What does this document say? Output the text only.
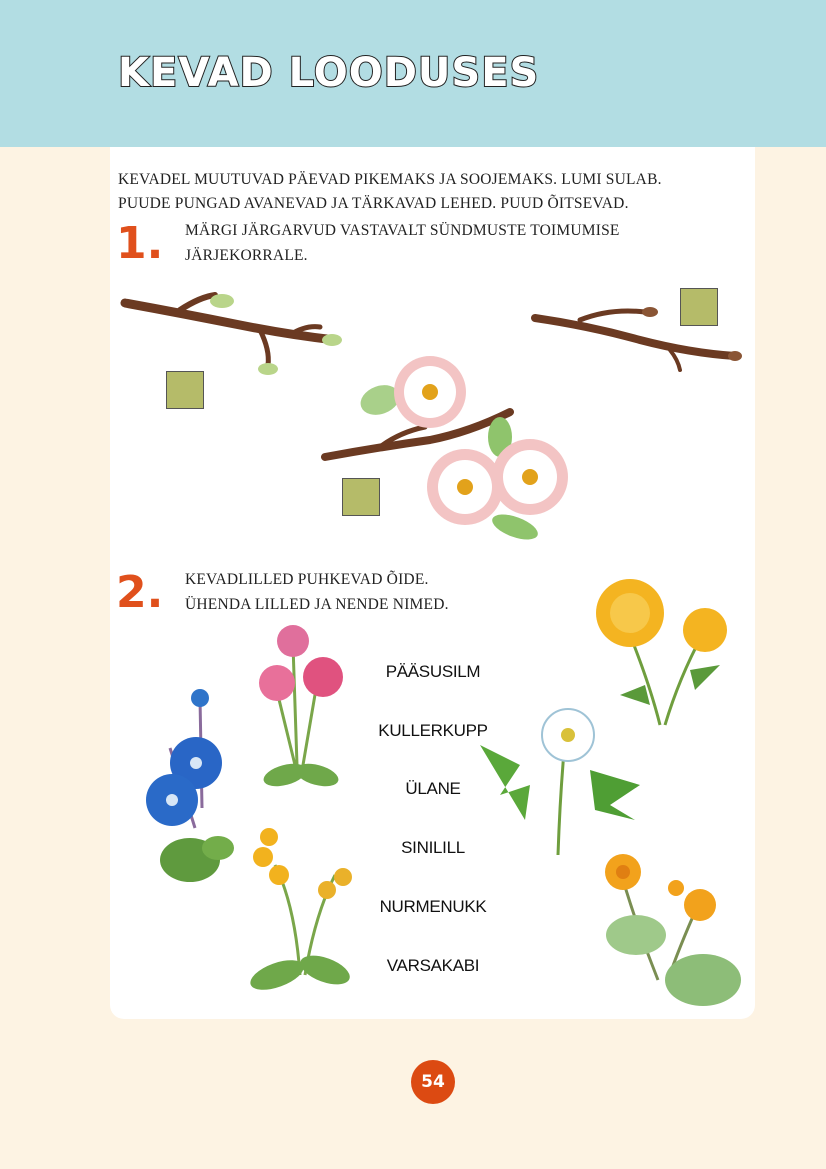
KEVAD LOODUSES
KEVADEL MUUTUVAD PÄEVAD PIKEMAKS JA SOOJEMAKS. LUMI SULAB.
PUUDE PUNGAD AVANEVAD JA TÄRKAVAD LEHED. PUUD ÕITSEVAD.
1. MÄRGI JÄRGARVUD VASTAVALT SÜNDMUSTE TOIMUMISE
JÄRJEKORRALE.
2. KEVADLILLED PUHKEVAD ÕIDE.
ÜHENDA LILLED JA NENDE NIMED.
PÄÄSUSILM
KULLERKUPP
ÜLANE
SINILILL
NURMENUKK
VARSAKABI
54
